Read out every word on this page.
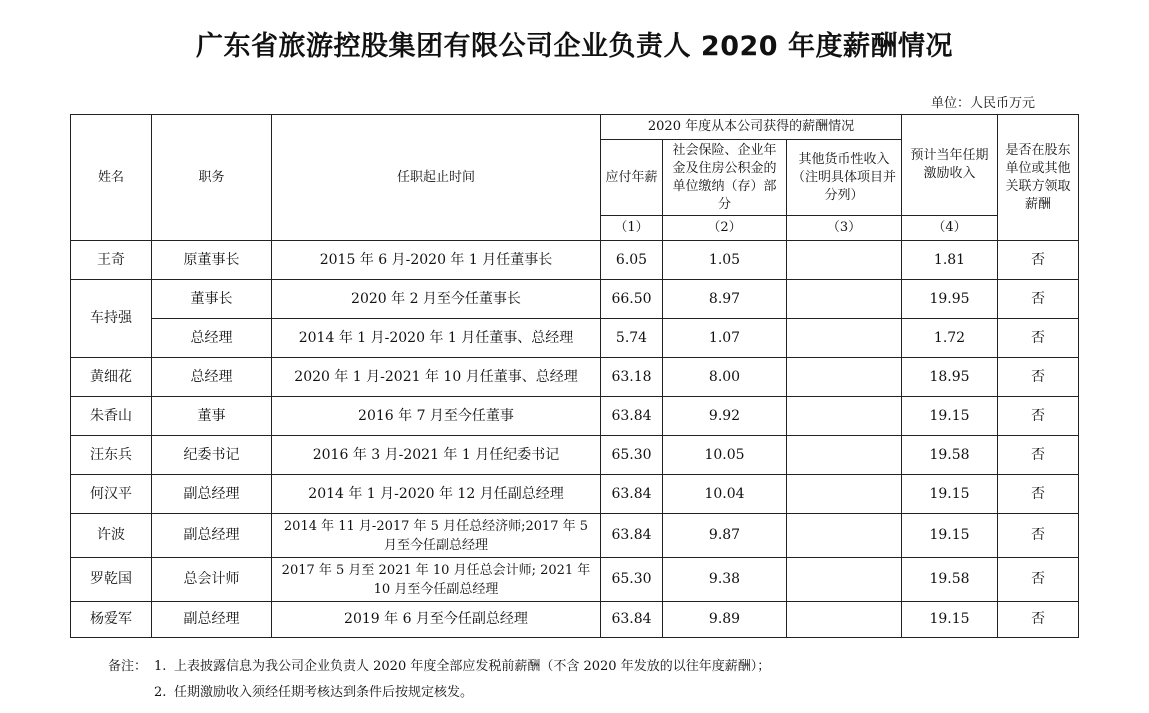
广东省旅游控股集团有限公司企业负责人 2020 年度薪酬情况
单位：人民币万元
姓名	职务	任职起止时间	2020 年度从本公司获得的薪酬情况			预计当年任期激励收入	是否在股东单位或其他关联方领取薪酬
			应付年薪	社会保险、企业年金及住房公积金的单位缴纳（存）部分	其他货币性收入（注明具体项目并分列）		
			（1）	（2）	（3）	（4）	
王奇	原董事长	2015 年 6 月-2020 年 1 月任董事长	6.05	1.05		1.81	否
车持强	董事长	2020 年 2 月至今任董事长	66.50	8.97		19.95	否
	总经理	2014 年 1 月-2020 年 1 月任董事、总经理	5.74	1.07		1.72	否
黄细花	总经理	2020 年 1 月-2021 年 10 月任董事、总经理	63.18	8.00		18.95	否
朱香山	董事	2016 年 7 月至今任董事	63.84	9.92		19.15	否
汪东兵	纪委书记	2016 年 3 月-2021 年 1 月任纪委书记	65.30	10.05		19.58	否
何汉平	副总经理	2014 年 1 月-2020 年 12 月任副总经理	63.84	10.04		19.15	否
许波	副总经理	2014 年 11 月-2017 年 5 月任总经济师;2017 年 5 月至今任副总经理	63.84	9.87		19.15	否
罗乾国	总会计师	2017 年 5 月至 2021 年 10 月任总会计师; 2021 年 10 月至今任副总经理	65.30	9.38		19.58	否
杨爱军	副总经理	2019 年 6 月至今任副总经理	63.84	9.89		19.15	否
备注： 1. 上表披露信息为我公司企业负责人 2020 年度全部应发税前薪酬（不含 2020 年发放的以往年度薪酬）；
2. 任期激励收入须经任期考核达到条件后按规定核发。
